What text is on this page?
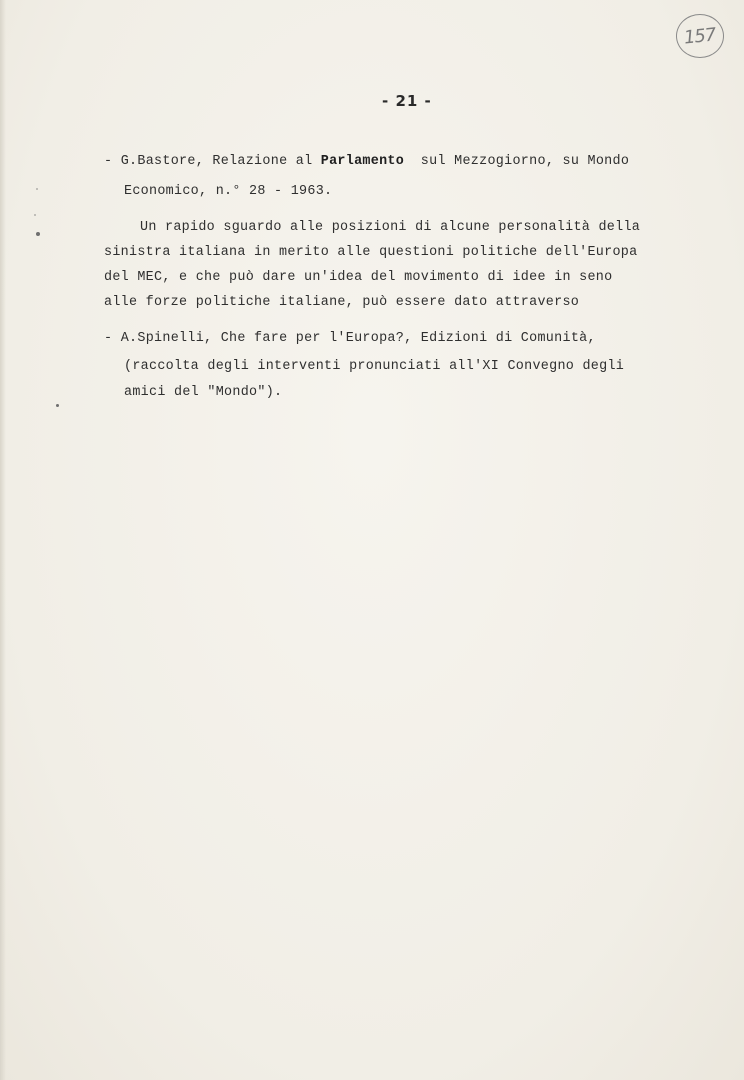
157
- 21 -
- G.Bastore, Relazione al Parlamento  sul Mezzogiorno, su Mondo
Economico, n.° 28 - 1963.
Un rapido sguardo alle posizioni di alcune personalità della
sinistra italiana in merito alle questioni politiche dell'Europa
del MEC, e che può dare un'idea del movimento di idee in seno
alle forze politiche italiane, può essere dato attraverso
- A.Spinelli, Che fare per l'Europa?, Edizioni di Comunità,
(raccolta degli interventi pronunciati all'XI Convegno degli
amici del "Mondo").
